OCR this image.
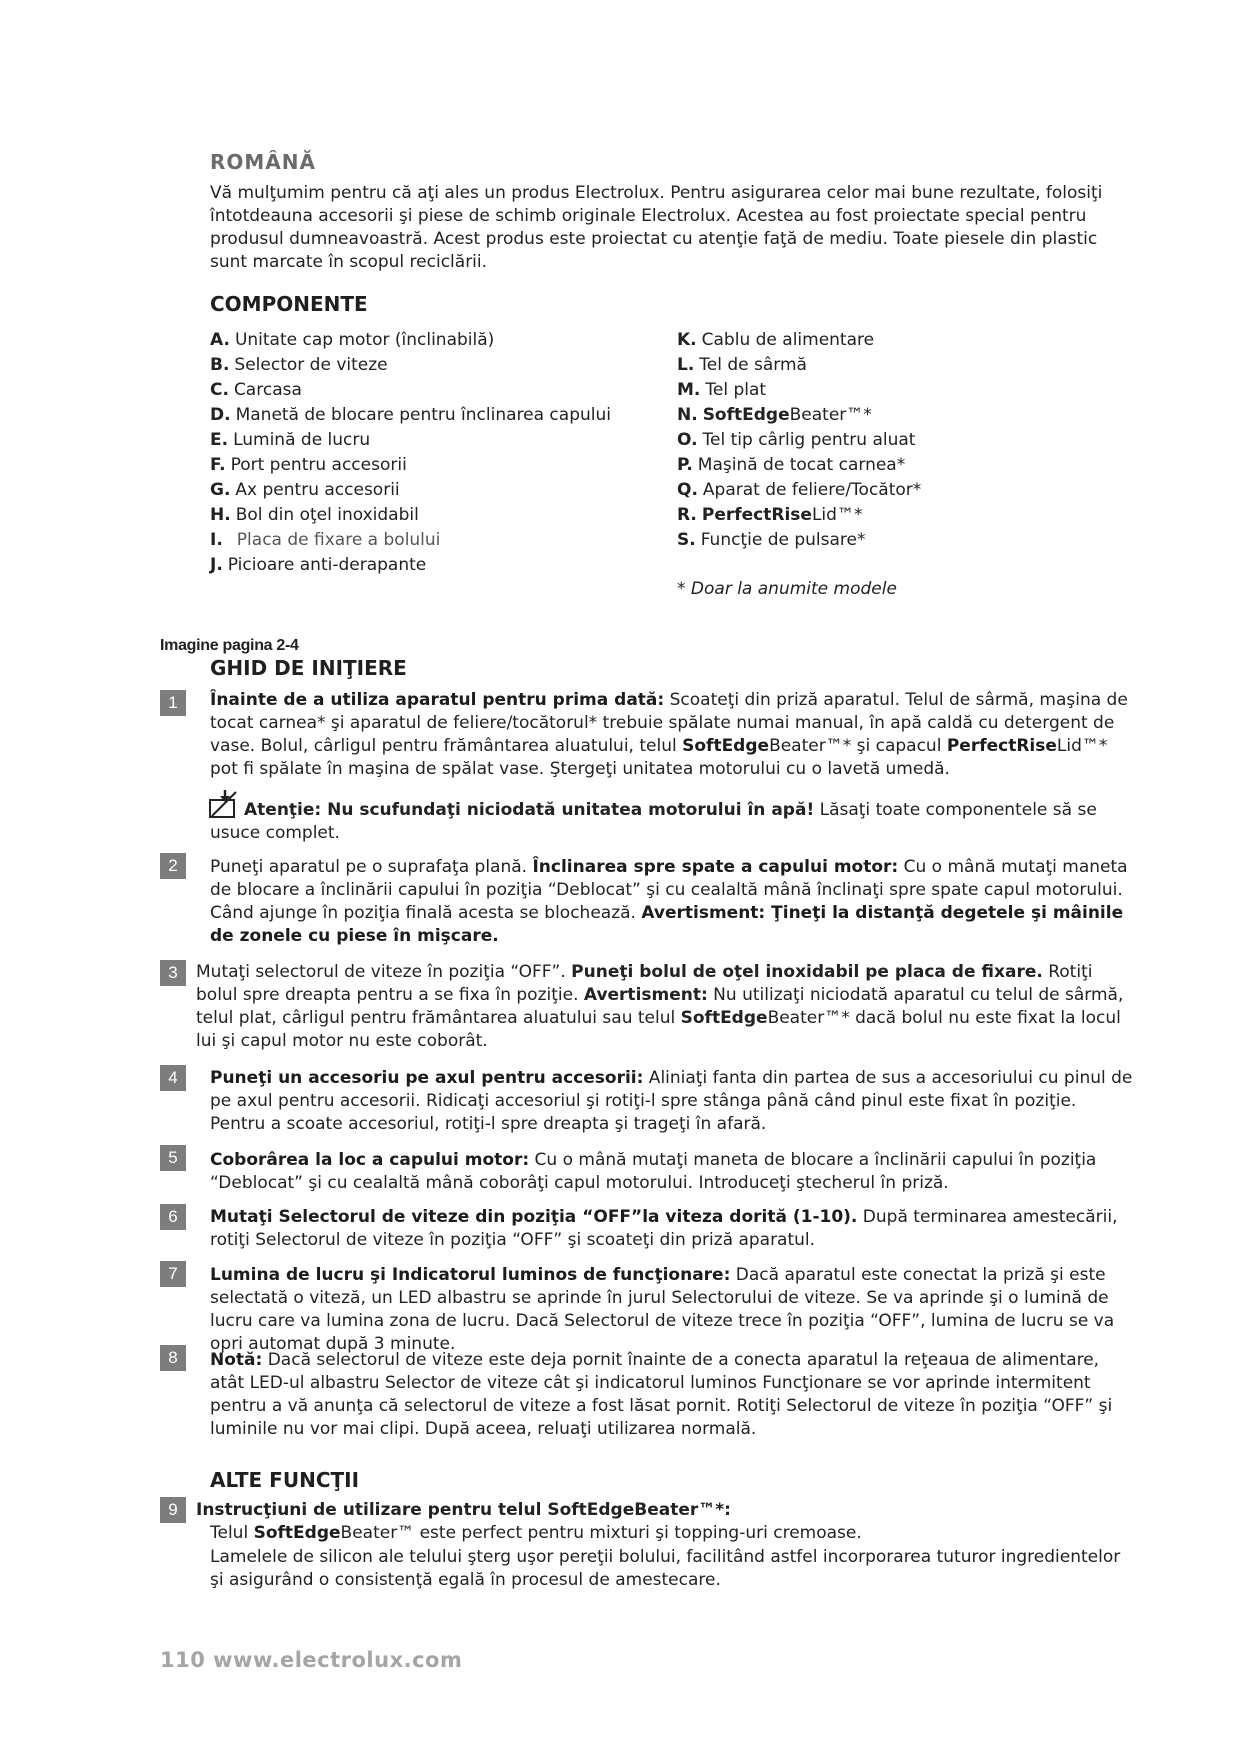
ROMÂNĂ
Vă mulţumim pentru că aţi ales un produs Electrolux. Pentru asigurarea celor mai bune rezultate, folosiţi întotdeauna accesorii şi piese de schimb originale Electrolux. Acestea au fost proiectate special pentru produsul dumneavoastră. Acest produs este proiectat cu atenţie faţă de mediu. Toate piesele din plastic sunt marcate în scopul reciclării.
COMPONENTE
A. Unitate cap motor (înclinabilă)
B. Selector de viteze
C. Carcasa
D. Manetă de blocare pentru înclinarea capului
E. Lumină de lucru
F. Port pentru accesorii
G. Ax pentru accesorii
H. Bol din oţel inoxidabil
I. Placa de fixare a bolului
J. Picioare anti-derapante
K. Cablu de alimentare
L. Tel de sârmă
M. Tel plat
N. SoftEdgeBeater™*
O. Tel tip cârlig pentru aluat
P. Maşină de tocat carnea*
Q. Aparat de feliere/Tocător*
R. PerfectRiseLid™*
S. Funcţie de pulsare*
* Doar la anumite modele
Imagine pagina 2-4
GHID DE INIŢIERE
1	Înainte de a utiliza aparatul pentru prima dată: Scoateţi din priză aparatul. Telul de sârmă, maşina de tocat carnea* şi aparatul de feliere/tocătorul* trebuie spălate numai manual, în apă caldă cu detergent de vase. Bolul, cârligul pentru frământarea aluatului, telul SoftEdgeBeater™* şi capacul PerfectRiseLid™* pot fi spălate în maşina de spălat vase. Ştergeţi unitatea motorului cu o lavetă umedă.
Atenţie: Nu scufundaţi niciodată unitatea motorului în apă! Lăsaţi toate componentele să se usuce complet.
2	Puneţi aparatul pe o suprafaţa plană. Înclinarea spre spate a capului motor: Cu o mână mutaţi maneta de blocare a înclinării capului în poziţia “Deblocat” şi cu cealaltă mână înclinaţi spre spate capul motorului. Când ajunge în poziţia finală acesta se blochează. Avertisment: Ţineţi la distanţă degetele şi mâinile de zonele cu piese în mişcare.
3	Mutaţi selectorul de viteze în poziţia “OFF”. Puneţi bolul de oţel inoxidabil pe placa de fixare. Rotiţi bolul spre dreapta pentru a se fixa în poziţie. Avertisment: Nu utilizaţi niciodată aparatul cu telul de sârmă, telul plat, cârligul pentru frământarea aluatului sau telul SoftEdgeBeater™* dacă bolul nu este fixat la locul lui şi capul motor nu este coborât.
4	Puneţi un accesoriu pe axul pentru accesorii: Aliniaţi fanta din partea de sus a accesoriului cu pinul de pe axul pentru accesorii. Ridicaţi accesoriul şi rotiţi-l spre stânga până când pinul este fixat în poziţie. Pentru a scoate accesoriul, rotiţi-l spre dreapta şi trageţi în afară.
5	Coborârea la loc a capului motor: Cu o mână mutaţi maneta de blocare a înclinării capului în poziţia “Deblocat” şi cu cealaltă mână coborâţi capul motorului. Introduceţi ştecherul în priză.
6	Mutaţi Selectorul de viteze din poziţia “OFF”la viteza dorită (1-10). După terminarea amestecării, rotiţi Selectorul de viteze în poziţia “OFF” şi scoateţi din priză aparatul.
7	Lumina de lucru şi Indicatorul luminos de funcţionare: Dacă aparatul este conectat la priză şi este selectată o viteză, un LED albastru se aprinde în jurul Selectorului de viteze. Se va aprinde şi o lumină de lucru care va lumina zona de lucru. Dacă Selectorul de viteze trece în poziţia “OFF”, lumina de lucru se va opri automat după 3 minute.
8	Notă: Dacă selectorul de viteze este deja pornit înainte de a conecta aparatul la reţeaua de alimentare, atât LED-ul albastru Selector de viteze cât şi indicatorul luminos Funcţionare se vor aprinde intermitent pentru a vă anunţa că selectorul de viteze a fost lăsat pornit. Rotiţi Selectorul de viteze în poziţia “OFF” şi luminile nu vor mai clipi. După aceea, reluaţi utilizarea normală.
ALTE FUNCŢII
9	Instrucţiuni de utilizare pentru telul SoftEdgeBeater™*:
Telul SoftEdgeBeater™ este perfect pentru mixturi şi topping-uri cremoase.
Lamelele de silicon ale telului şterg uşor pereţii bolului, facilitând astfel incorporarea tuturor ingredientelor şi asigurând o consistenţă egală în procesul de amestecare.
110 www.electrolux.com
